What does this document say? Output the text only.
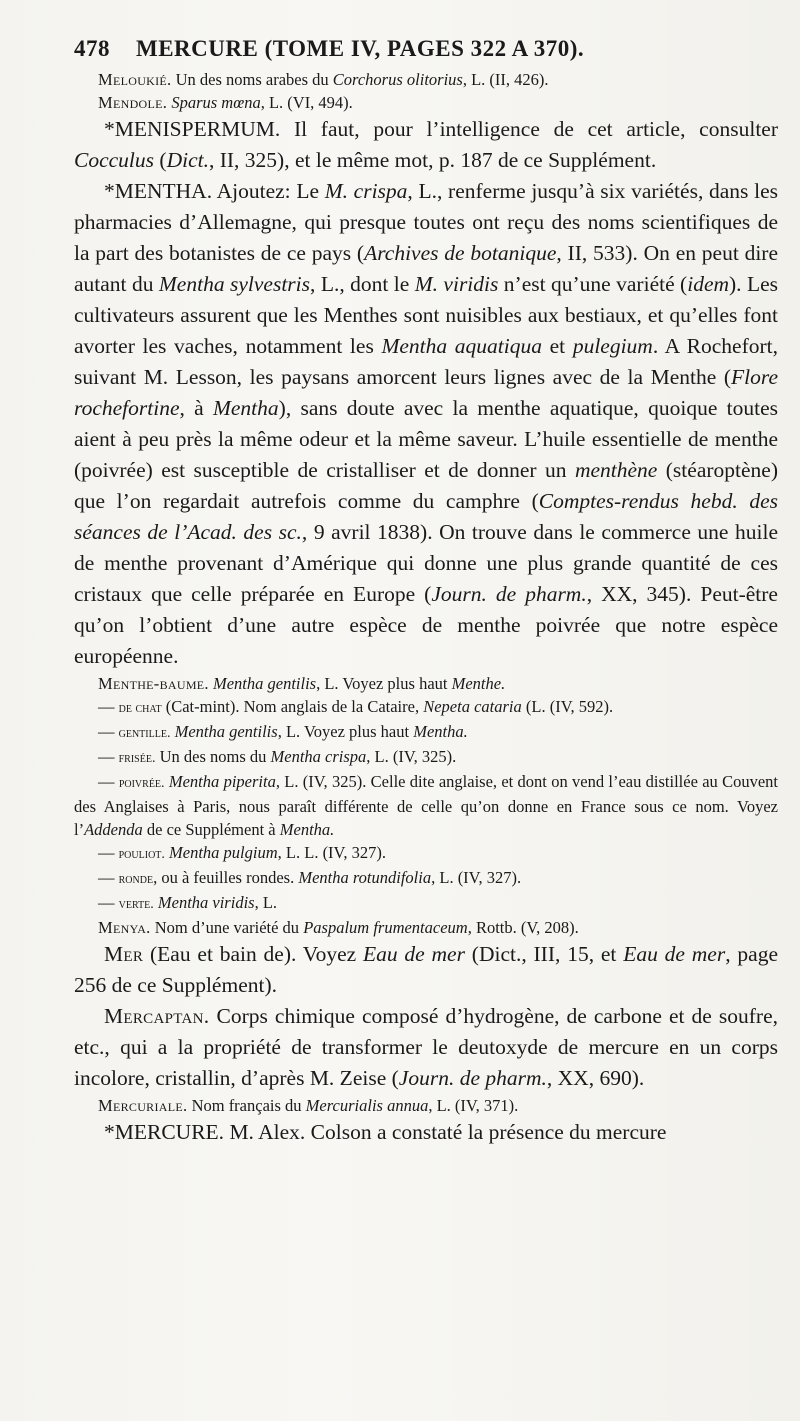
478	MERCURE (TOME IV, PAGES 322 A 370).

Meloukié. Un des noms arabes du Corchorus olitorius, L. (II, 426).

Mendole. Sparus mœna, L. (VI, 494).

*MENISPERMUM. Il faut, pour l’intelligence de cet article, consulter Cocculus (Dict., II, 325), et le même mot, p. 187 de ce Supplément.

*MENTHA. Ajoutez: Le M. crispa, L., renferme jusqu’à six variétés, dans les pharmacies d’Allemagne, qui presque toutes ont reçu des noms scientifiques de la part des botanistes de ce pays (Archives de botanique, II, 533). On en peut dire autant du Mentha sylvestris, L., dont le M. viridis n’est qu’une variété (idem). Les cultivateurs assurent que les Menthes sont nuisibles aux bestiaux, et qu’elles font avorter les vaches, notamment les Mentha aquatiqua et pulegium. A Rochefort, suivant M. Lesson, les paysans amorcent leurs lignes avec de la Menthe (Flore rochefortine, à Mentha), sans doute avec la menthe aquatique, quoique toutes aient à peu près la même odeur et la même saveur. L’huile essentielle de menthe (poivrée) est susceptible de cristalliser et de donner un menthène (stéaroptène) que l’on regardait autrefois comme du camphre (Comptes-rendus hebd. des séances de l’Acad. des sc., 9 avril 1838). On trouve dans le commerce une huile de menthe provenant d’Amérique qui donne une plus grande quantité de ces cristaux que celle préparée en Europe (Journ. de pharm., XX, 345). Peut-être qu’on l’obtient d’une autre espèce de menthe poivrée que notre espèce européenne.

Menthe-baume. Mentha gentilis, L. Voyez plus haut Menthe.

— de chat (Cat-mint). Nom anglais de la Cataire, Nepeta cataria (L. (IV, 592).

— gentille. Mentha gentilis, L. Voyez plus haut Mentha.

— frisée. Un des noms du Mentha crispa, L. (IV, 325).

— poivrée. Mentha piperita, L. (IV, 325). Celle dite anglaise, et dont on vend l’eau distillée au Couvent des Anglaises à Paris, nous paraît différente de celle qu’on donne en France sous ce nom. Voyez l’Addenda de ce Supplément à Mentha.

— pouliot. Mentha pulgium, L. L. (IV, 327).

— ronde, ou à feuilles rondes. Mentha rotundifolia, L. (IV, 327).

— verte. Mentha viridis, L.

Menya. Nom d’une variété du Paspalum frumentaceum, Rottb. (V, 208).

Mer (Eau et bain de). Voyez Eau de mer (Dict., III, 15, et Eau de mer, page 256 de ce Supplément).

Mercaptan. Corps chimique composé d’hydrogène, de carbone et de soufre, etc., qui a la propriété de transformer le deutoxyde de mercure en un corps incolore, cristallin, d’après M. Zeise (Journ. de pharm., XX, 690).

Mercuriale. Nom français du Mercurialis annua, L. (IV, 371).

*MERCURE. M. Alex. Colson a constaté la présence du mercure
